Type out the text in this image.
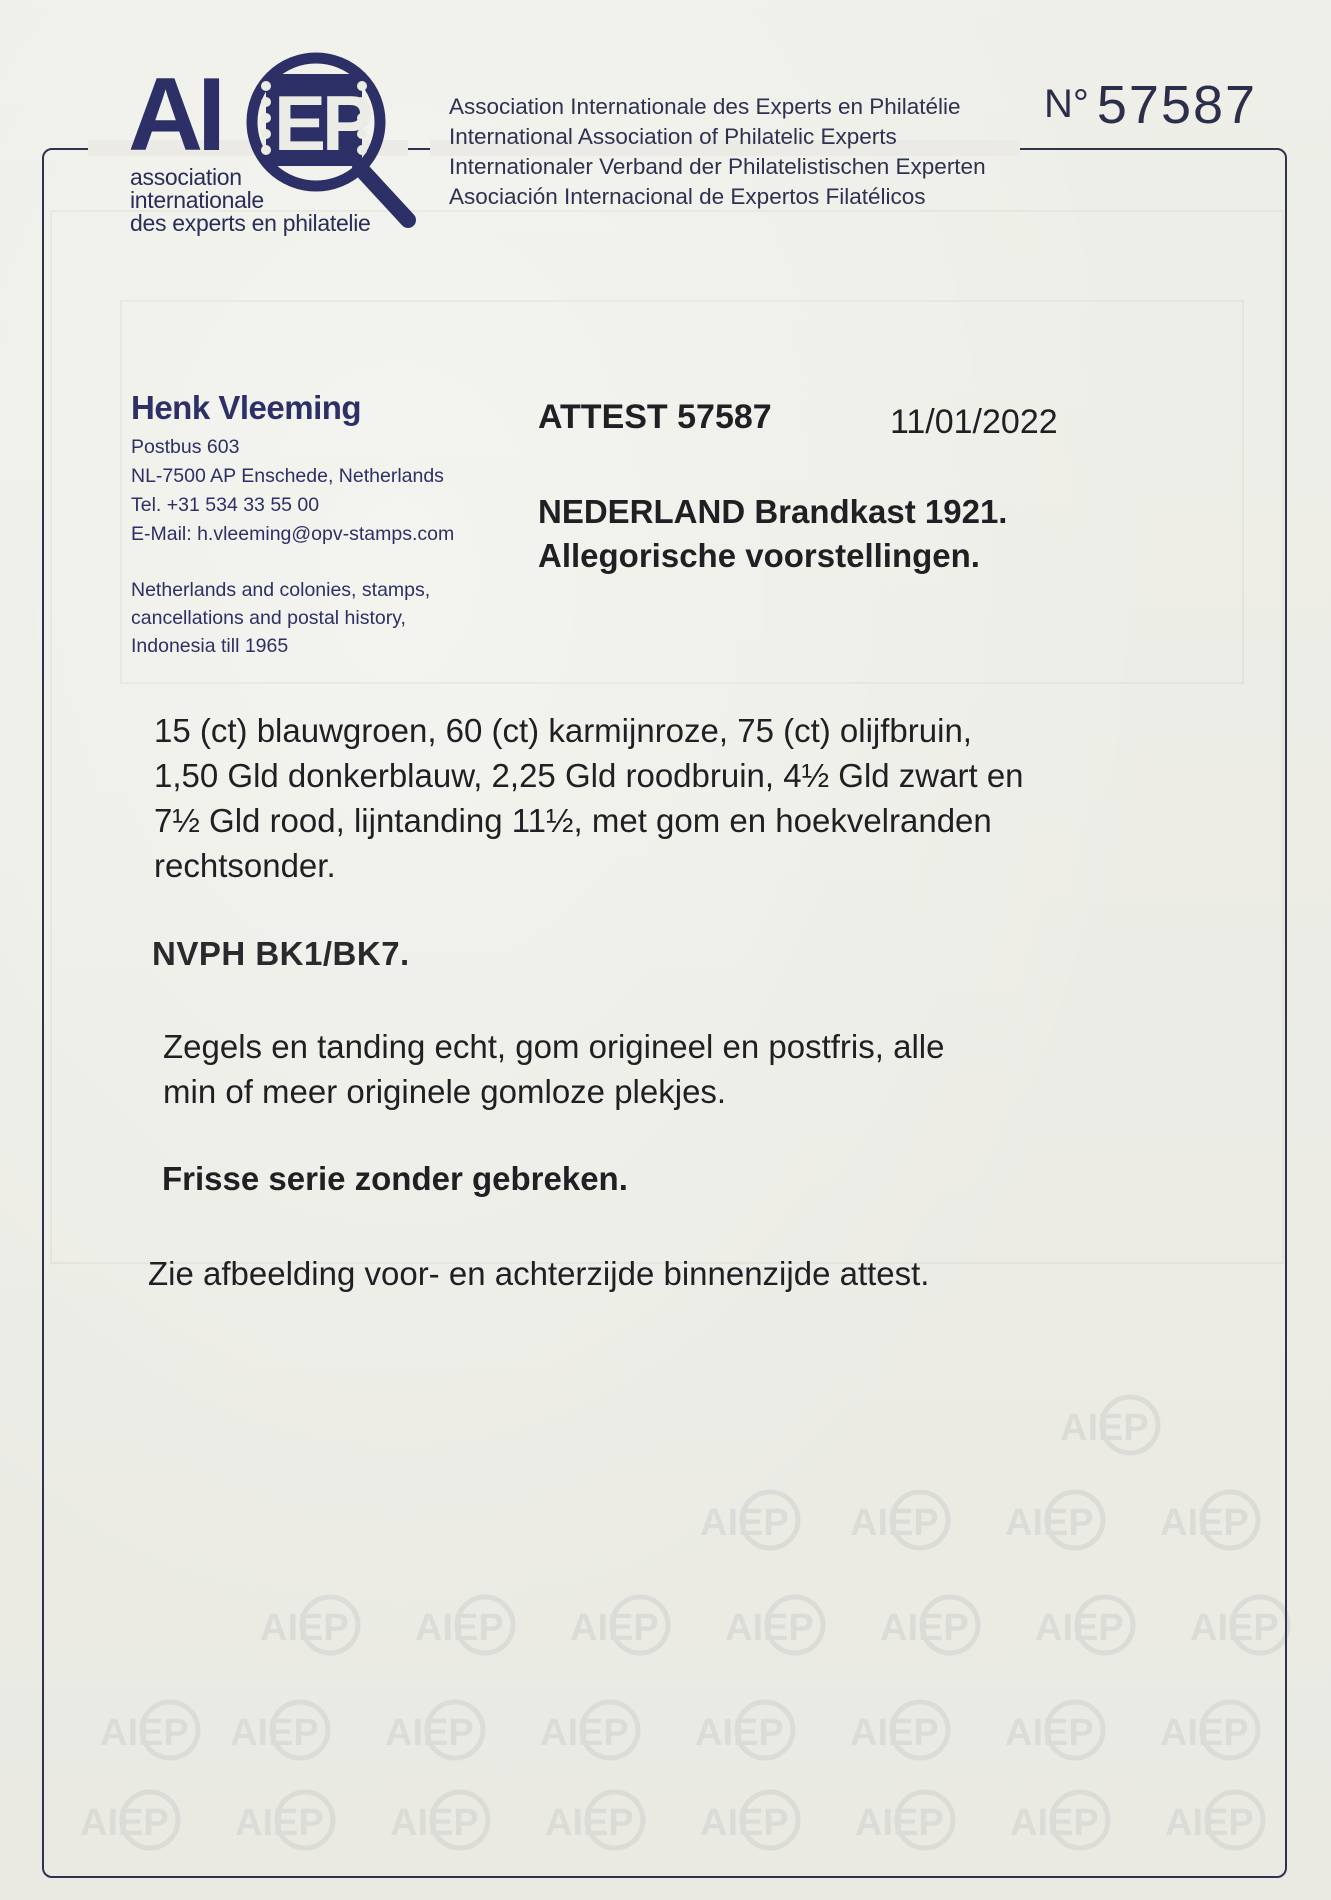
AI EP
association
internationale
des experts en philatelie
Association Internationale des Experts en Philatélie
International Association of Philatelic Experts
Internationaler Verband der Philatelistischen Experten
Asociación Internacional de Expertos Filatélicos
N° 57587
Henk Vleeming
Postbus 603
NL-7500 AP Enschede, Netherlands
Tel. +31 534 33 55 00
E-Mail: h.vleeming@opv-stamps.com
Netherlands and colonies, stamps,
cancellations and postal history,
Indonesia till 1965
ATTEST 57587	11/01/2022
NEDERLAND Brandkast 1921.
Allegorische voorstellingen.
15 (ct) blauwgroen, 60 (ct) karmijnroze, 75 (ct) olijfbruin,
1,50 Gld donkerblauw, 2,25 Gld roodbruin, 4½ Gld zwart en
7½ Gld rood, lijntanding 11½, met gom en hoekvelranden
rechtsonder.
NVPH BK1/BK7.
Zegels en tanding echt, gom origineel en postfris, alle
min of meer originele gomloze plekjes.
Frisse serie zonder gebreken.
Zie afbeelding voor- en achterzijde binnenzijde attest.
AIEP
AIEP AIEP AIEP AIEP
AIEP AIEP AIEP AIEP AIEP AIEP AIEP
AIEP AIEP AIEP AIEP AIEP AIEP AIEP AIEP
AIEP AIEP AIEP AIEP AIEP AIEP AIEP AIEP
